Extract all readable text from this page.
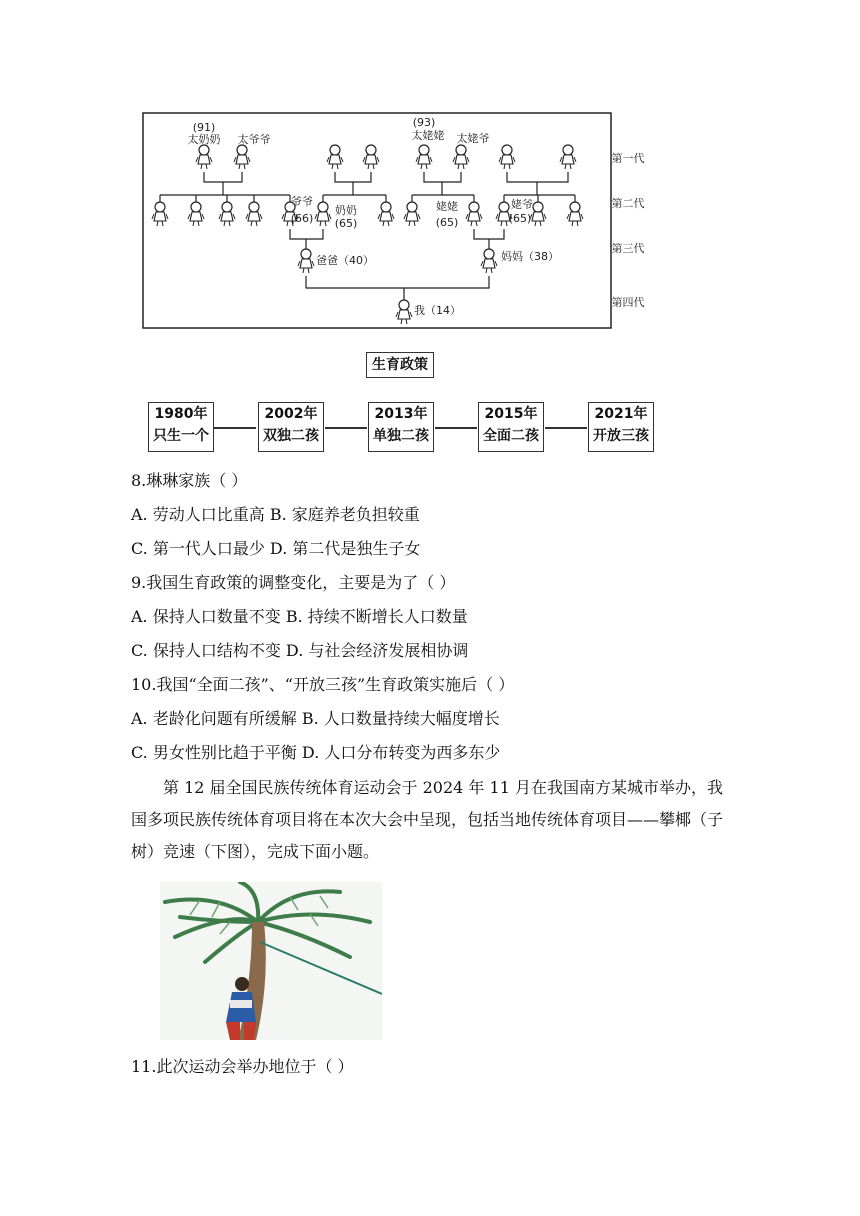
(91)
太奶奶 太爷爷
(93)
太姥姥 太姥爷
爷爷
(66)
奶奶
(65)
姥姥
(65)
姥爷
(65)
爸爸（40）	妈妈（38）
我（14）
第一代
第二代
第三代
第四代
生育政策
1980年
只生一个
2002年
双独二孩
2013年
单独二孩
2015年
全面二孩
2021年
开放三孩
8.琳琳家族（ ）
A. 劳动人口比重高 B. 家庭养老负担较重
C. 第一代人口最少 D. 第二代是独生子女
9.我国生育政策的调整变化，主要是为了（ ）
A. 保持人口数量不变 B. 持续不断增长人口数量
C. 保持人口结构不变 D. 与社会经济发展相协调
10.我国“全面二孩”、“开放三孩”生育政策实施后（ ）
A. 老龄化问题有所缓解 B. 人口数量持续大幅度增长
C. 男女性别比趋于平衡 D. 人口分布转变为西多东少

第 12 届全国民族传统体育运动会于 2024 年 11 月在我国南方某城市举办，我国多项民族传统体育项目将在本次大会中呈现，包括当地传统体育项目——攀椰（子树）竞速（下图），完成下面小题。

11.此次运动会举办地位于（ ）
